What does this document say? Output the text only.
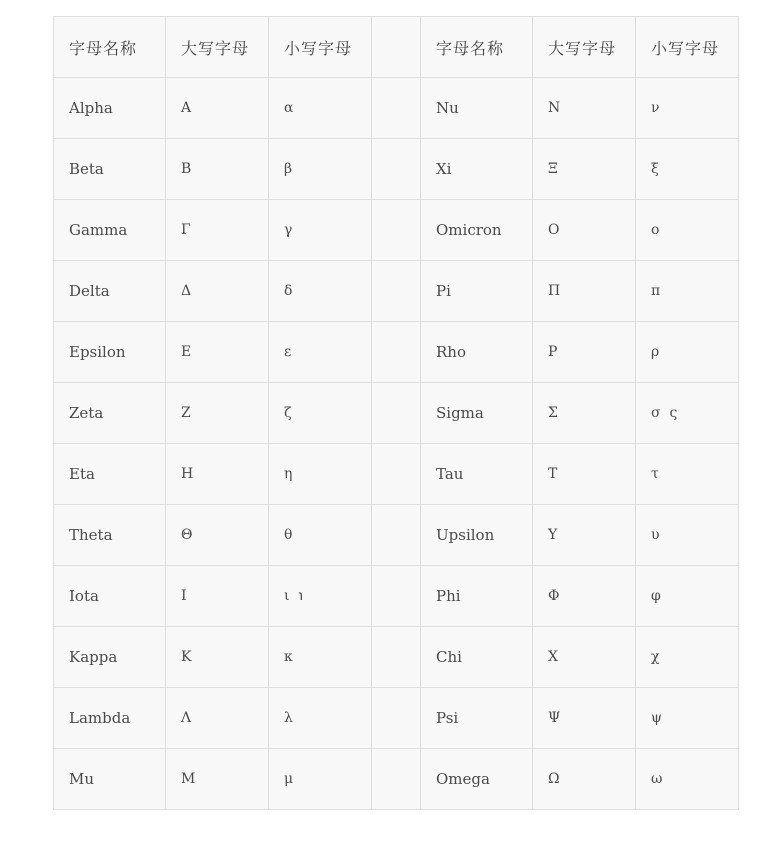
字母名称	大写字母	小写字母		字母名称	大写字母	小写字母
Alpha	Α	α		Nu	Ν	ν
Beta	Β	β		Xi	Ξ	ξ
Gamma	Γ	γ		Omicron	Ο	ο
Delta	Δ	δ		Pi	Π	π
Epsilon	Ε	ε		Rho	Ρ	ρ
Zeta	Ζ	ζ		Sigma	Σ	σ  ς
Eta	Η	η		Tau	Τ	τ
Theta	Θ	θ		Upsilon	Υ	υ
Iota	Ι	ι  ℩		Phi	Φ	φ
Kappa	Κ	κ		Chi	Χ	χ
Lambda	Λ	λ		Psi	Ψ	ψ
Mu	Μ	μ		Omega	Ω	ω
